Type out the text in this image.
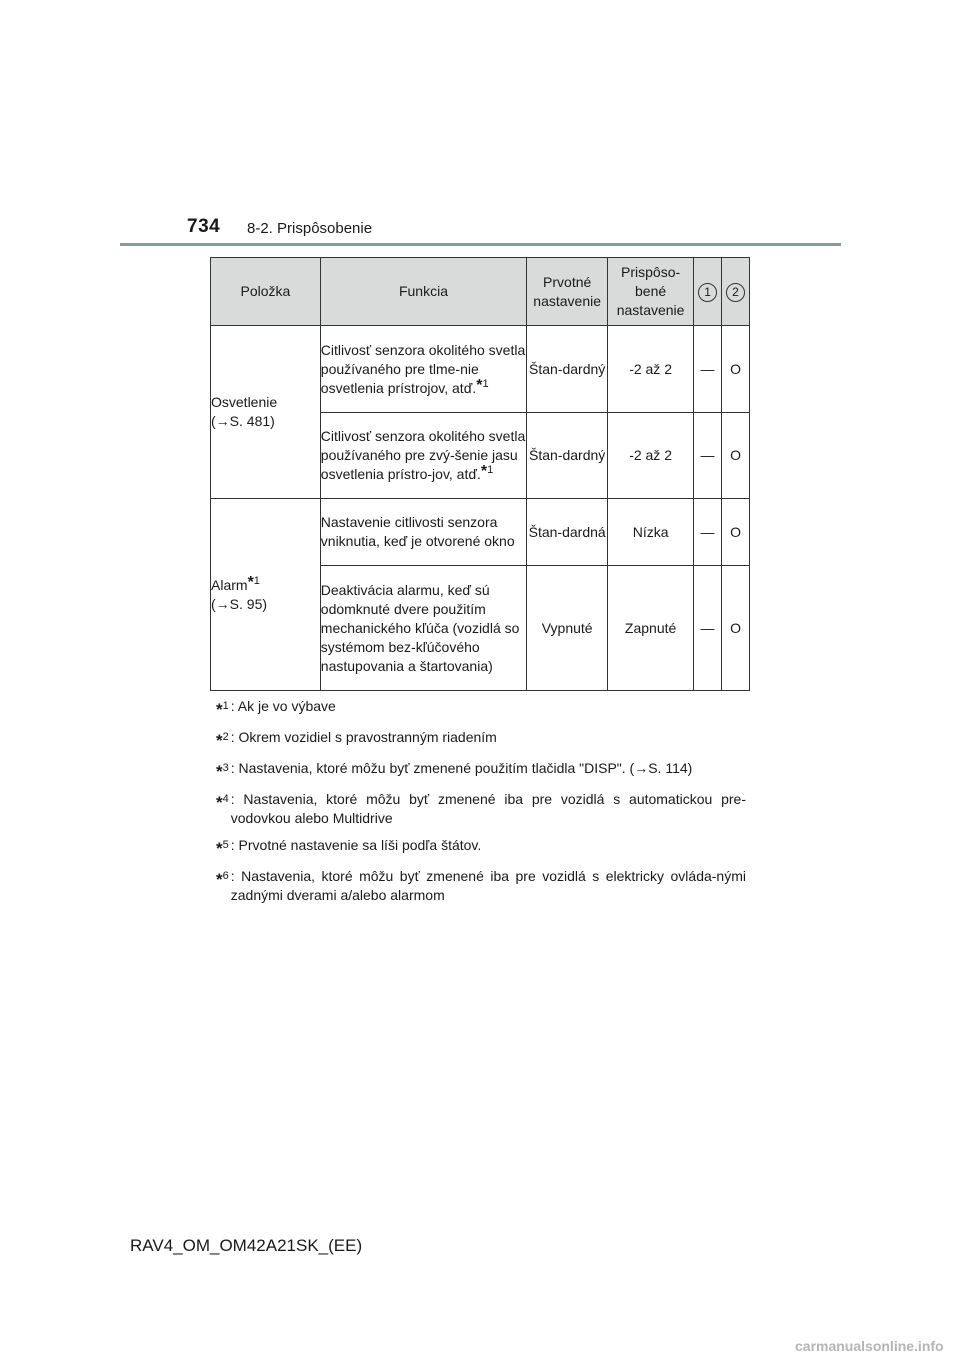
734 8-2. Prispôsobenie
Položka	Funkcia	Prvotné nastavenie	Prispôso-bené nastavenie	1	2
Osvetlenie
(→S. 481)	Citlivosť senzora okolitého svetla používaného pre tlme-nie osvetlenia prístrojov, atď.$^{*1}$	Štan-dardný	-2 až 2	—	O
	Citlivosť senzora okolitého svetla používaného pre zvý-šenie jasu osvetlenia prístro-jov, atď.$^{*1}$	Štan-dardný	-2 až 2	—	O
Alarm$^{*1}$
(→S. 95)	Nastavenie citlivosti senzora vniknutia, keď je otvorené okno	Štan-dardná	Nízka	—	O
	Deaktivácia alarmu, keď sú odomknuté dvere použitím mechanického kľúča (vozidlá so systémom bez-kľúčového nastupovania a štartovania)	Vypnuté	Zapnuté	—	O
*$^1$ : Ak je vo výbave
*$^2$ : Okrem vozidiel s pravostranným riadením
*$^3$ : Nastavenia, ktoré môžu byť zmenené použitím tlačidla "DISP". (→S. 114)
*$^4$ : Nastavenia, ktoré môžu byť zmenené iba pre vozidlá s automatickou pre-vodovkou alebo Multidrive
*$^5$ : Prvotné nastavenie sa líši podľa štátov.
*$^6$ : Nastavenia, ktoré môžu byť zmenené iba pre vozidlá s elektricky ovláda-nými zadnými dverami a/alebo alarmom
RAV4_OM_OM42A21SK_(EE)
carmanualsonline.info
